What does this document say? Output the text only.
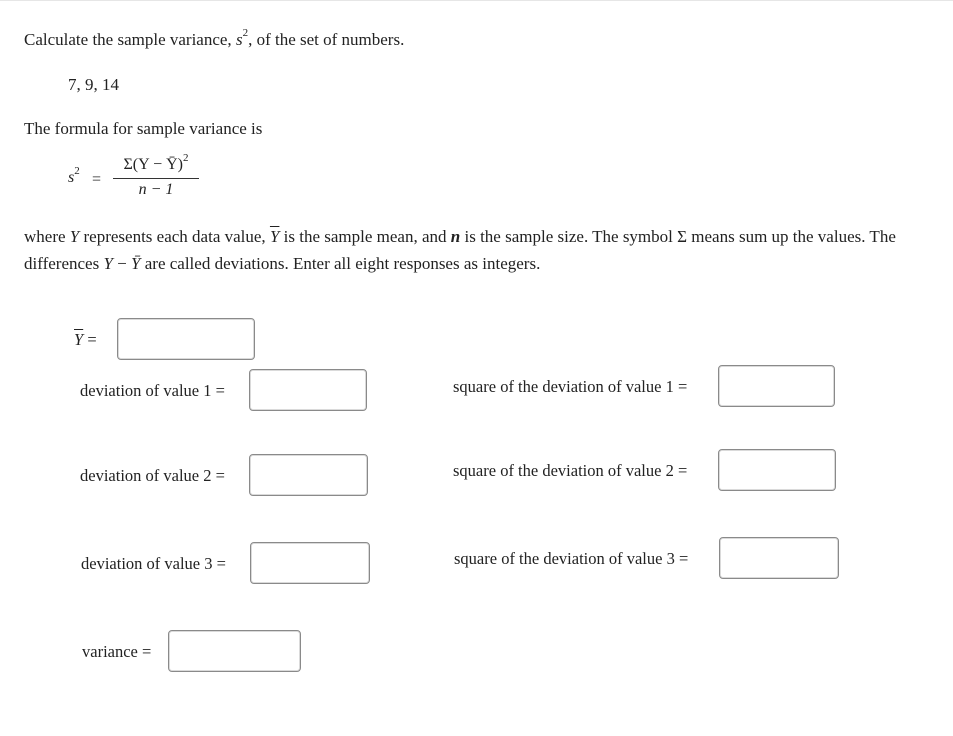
Calculate the sample variance, $s^2$, of the set of numbers.
7, 9, 14
The formula for sample variance is
$s^2$
=
Σ(Y − Ȳ)$^2$
n − 1
where Y represents each data value, $\overline{Y}$ is the sample mean, and n is the sample size. The symbol Σ means sum up the values. The differences Y − Ȳ are called deviations. Enter all eight responses as integers.
$\overline{Y}$ =
deviation of value 1 =
deviation of value 2 =
deviation of value 3 =
square of the deviation of value 1 =
square of the deviation of value 2 =
square of the deviation of value 3 =
variance =
